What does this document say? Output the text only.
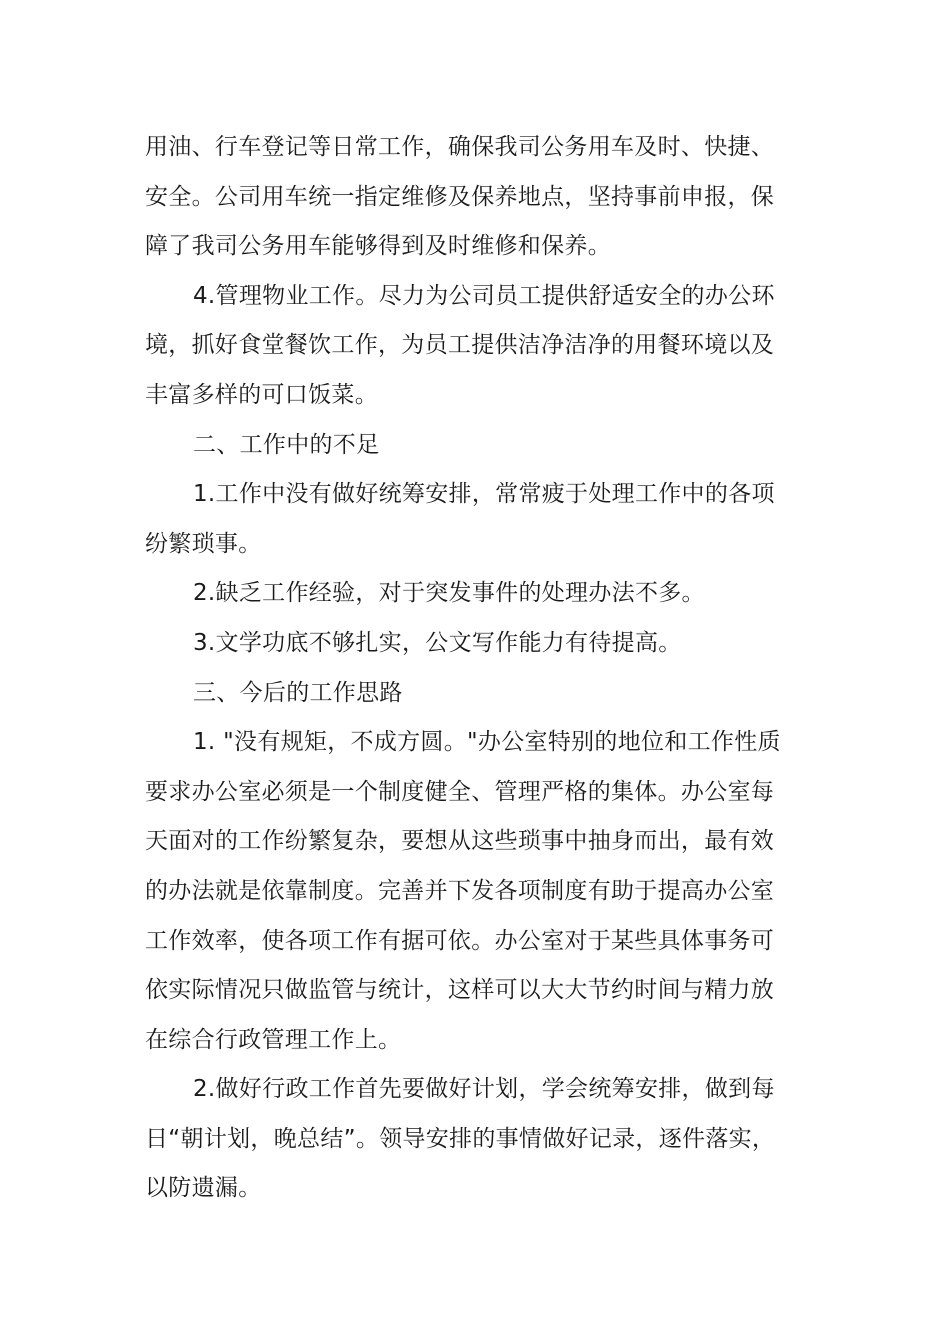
用油、行车登记等日常工作，确保我司公务用车及时、快捷、
安全。公司用车统一指定维修及保养地点，坚持事前申报，保
障了我司公务用车能够得到及时维修和保养。
4.管理物业工作。尽力为公司员工提供舒适安全的办公环
境，抓好食堂餐饮工作，为员工提供洁净洁净的用餐环境以及
丰富多样的可口饭菜。
二、工作中的不足
1.工作中没有做好统筹安排，常常疲于处理工作中的各项
纷繁琐事。
2.缺乏工作经验，对于突发事件的处理办法不多。
3.文学功底不够扎实，公文写作能力有待提高。
三、今后的工作思路
1. "没有规矩，不成方圆。"办公室特别的地位和工作性质
要求办公室必须是一个制度健全、管理严格的集体。办公室每
天面对的工作纷繁复杂，要想从这些琐事中抽身而出，最有效
的办法就是依靠制度。完善并下发各项制度有助于提高办公室
工作效率，使各项工作有据可依。办公室对于某些具体事务可
依实际情况只做监管与统计，这样可以大大节约时间与精力放
在综合行政管理工作上。
2.做好行政工作首先要做好计划，学会统筹安排，做到每
日“朝计划，晚总结”。领导安排的事情做好记录，逐件落实，
以防遗漏。
